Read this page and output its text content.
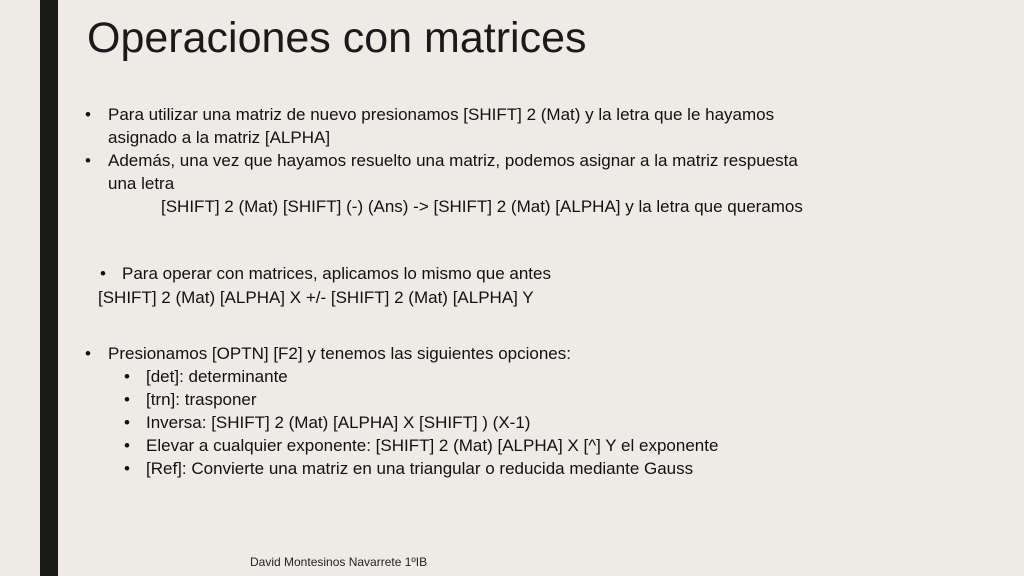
Operaciones con matrices
• Para utilizar una matriz de nuevo presionamos [SHIFT] 2 (Mat) y la letra que le hayamos
asignado a la matriz [ALPHA]
• Además, una vez que hayamos resuelto una matriz, podemos asignar a la matriz respuesta
una letra
[SHIFT] 2 (Mat) [SHIFT] (-) (Ans) -> [SHIFT] 2 (Mat) [ALPHA] y la letra que queramos
• Para operar con matrices, aplicamos lo mismo que antes
[SHIFT] 2 (Mat) [ALPHA] X +/- [SHIFT] 2 (Mat) [ALPHA] Y
• Presionamos [OPTN] [F2] y tenemos las siguientes opciones:
• [det]: determinante
• [trn]: trasponer
• Inversa: [SHIFT] 2 (Mat) [ALPHA] X [SHIFT] ) (X-1)
• Elevar a cualquier exponente: [SHIFT] 2 (Mat) [ALPHA] X [^] Y el exponente
• [Ref]: Convierte una matriz en una triangular o reducida mediante Gauss
David Montesinos Navarrete 1ºIB
